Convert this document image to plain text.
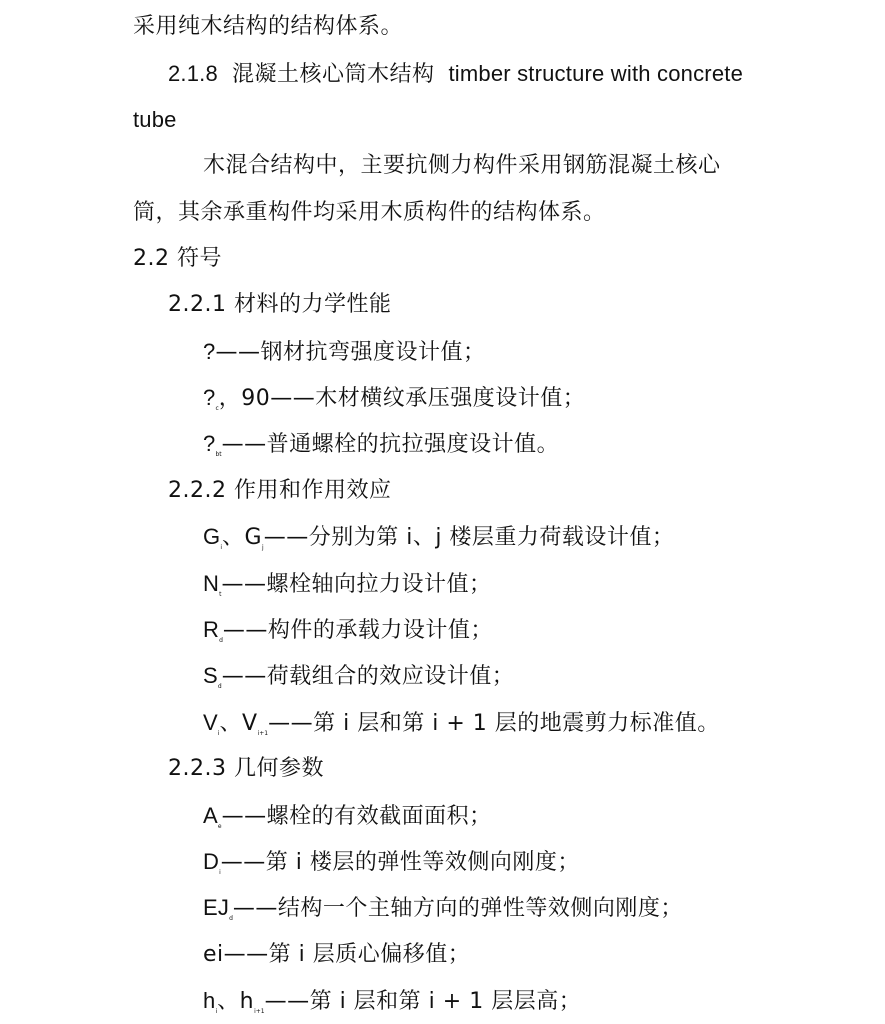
采用纯木结构的结构体系。
2.1.8 混凝土核心筒木结构 timber structure with concrete
tube
木混合结构中，主要抗侧力构件采用钢筋混凝土核心
筒，其余承重构件均采用木质构件的结构体系。
2.2 符号
2.2.1 材料的力学性能
?——钢材抗弯强度设计值；
$?_c$，90——木材横纹承压强度设计值；
$?_{bt}——$普通螺栓的抗拉强度设计值。
2.2.2 作用和作用效应
$G_i$、$G_j——$分别为第 i、j 楼层重力荷载设计值；
$N_t——$螺栓轴向拉力设计值；
$R_d——$构件的承载力设计值；
$S_d——$荷载组合的效应设计值；
$V_i$、$V_{i+1}——$第 i 层和第 i + 1 层的地震剪力标准值。
2.2.3 几何参数
$A_e——$螺栓的有效截面面积；
$D_i——$第 i 楼层的弹性等效侧向刚度；
$EJ_d——$结构一个主轴方向的弹性等效侧向刚度；
ei——第 i 层质心偏移值；
$h_i$、$h_{i+1}——$第 i 层和第 i + 1 层层高；
